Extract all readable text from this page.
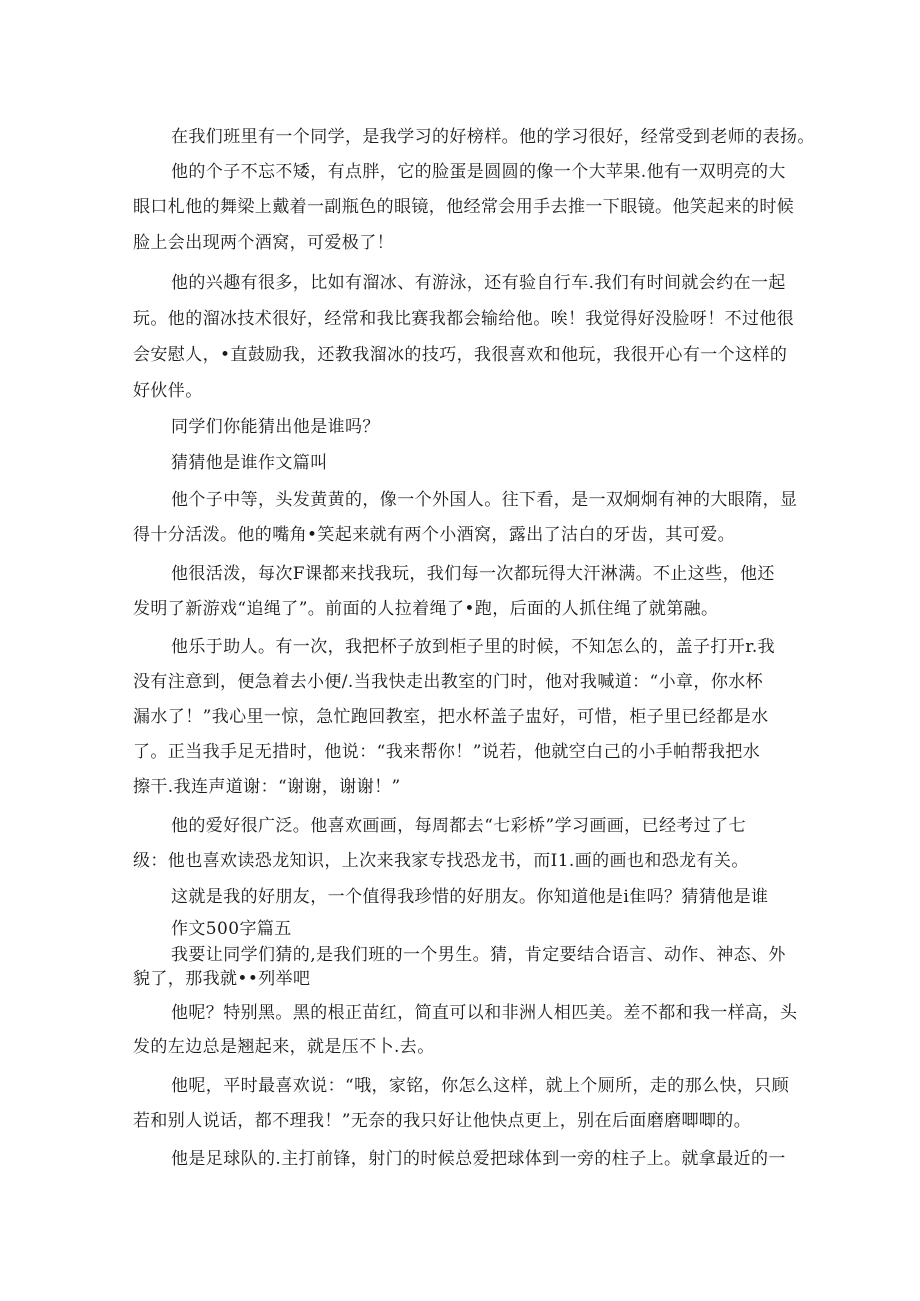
在我们班里有一个同学，是我学习的好榜样。他的学习很好，经常受到老师的表扬。
他的个子不忘不矮，有点胖，它的脸蛋是圆圆的像一个大苹果.他有一双明亮的大
眼口札他的舞梁上戴着一副瓶色的眼镜，他经常会用手去推一下眼镜。他笑起来的时候
脸上会出现两个酒窝，可爱极了！
他的兴趣有很多，比如有溜冰、有游泳，还有验自行车.我们有时间就会约在一起
玩。他的溜冰技术很好，经常和我比赛我都会输给他。唉！我觉得好没脸呀！不过他很
会安慰人，•直鼓励我，还教我溜冰的技巧，我很喜欢和他玩，我很开心有一个这样的
好伙伴。
同学们你能猜出他是谁吗？
猜猜他是谁作文篇叫
他个子中等，头发黄黄的，像一个外国人。往下看，是一双炯炯有神的大眼隋，显
得十分活泼。他的嘴角•笑起来就有两个小酒窝，露出了沽白的牙齿，其可爱。
他很活泼，每次F课都来找我玩，我们每一次都玩得大汗淋满。不止这些，他还
发明了新游戏“追绳了”。前面的人拉着绳了•跑，后面的人抓住绳了就第融。
他乐于助人。有一次，我把杯子放到柜子里的时候，不知怎么的，盖子打开r.我
没有注意到，便急着去小便/.当我快走出教室的门时，他对我喊道：“小章，你水杯
漏水了！”我心里一惊，急忙跑回教室，把水杯盖子盅好，可惜，柜子里已经都是水
了。正当我手足无措时，他说：“我来帮你！”说若，他就空白己的小手帕帮我把水
擦干.我连声道谢：“谢谢，谢谢！”
他的爱好很广泛。他喜欢画画，每周都去“七彩桥”学习画画，已经考过了七
级：他也喜欢读恐龙知识，上次来我家专找恐龙书，而I1.画的画也和恐龙有关。
这就是我的好朋友，一个值得我珍惜的好朋友。你知道他是i隹吗？猜猜他是谁
作文500字篇五
我要让同学们猜的,是我们班的一个男生。猜，肯定要结合语言、动作、神态、外
貌了，那我就••列举吧
他呢？特别黑。黑的根正苗红，简直可以和非洲人相匹美。差不都和我一样高，头
发的左边总是翘起来，就是压不卜.去。
他呢，平时最喜欢说：“哦，家铭，你怎么这样，就上个厕所，走的那么快，只顾
若和别人说话，都不理我！”无奈的我只好让他快点更上，别在后面磨磨唧唧的。
他是足球队的.主打前锋，射门的时候总爱把球体到一旁的柱子上。就拿最近的一
